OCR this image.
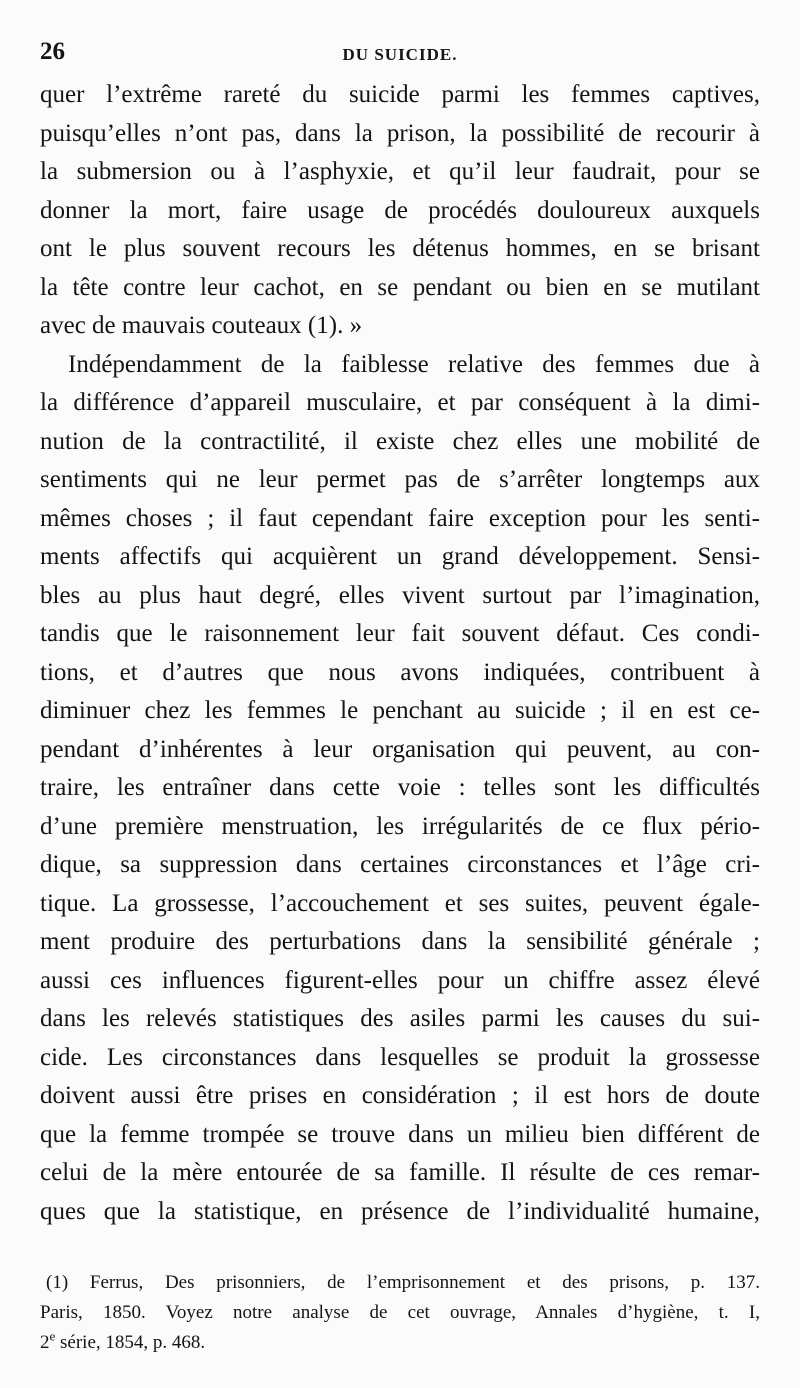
26	DU SUICIDE.
quer l’extrême rareté du suicide parmi les femmes captives,
puisqu’elles n’ont pas, dans la prison, la possibilité de recourir à
la submersion ou à l’asphyxie, et qu’il leur faudrait, pour se
donner la mort, faire usage de procédés douloureux auxquels
ont le plus souvent recours les détenus hommes, en se brisant
la tête contre leur cachot, en se pendant ou bien en se mutilant
avec de mauvais couteaux (1). »
Indépendamment de la faiblesse relative des femmes due à
la différence d’appareil musculaire, et par conséquent à la dimi-
nution de la contractilité, il existe chez elles une mobilité de
sentiments qui ne leur permet pas de s’arrêter longtemps aux
mêmes choses ; il faut cependant faire exception pour les senti-
ments affectifs qui acquièrent un grand développement. Sensi-
bles au plus haut degré, elles vivent surtout par l’imagination,
tandis que le raisonnement leur fait souvent défaut. Ces condi-
tions, et d’autres que nous avons indiquées, contribuent à
diminuer chez les femmes le penchant au suicide ; il en est ce-
pendant d’inhérentes à leur organisation qui peuvent, au con-
traire, les entraîner dans cette voie : telles sont les difficultés
d’une première menstruation, les irrégularités de ce flux pério-
dique, sa suppression dans certaines circonstances et l’âge cri-
tique. La grossesse, l’accouchement et ses suites, peuvent égale-
ment produire des perturbations dans la sensibilité générale ;
aussi ces influences figurent-elles pour un chiffre assez élevé
dans les relevés statistiques des asiles parmi les causes du sui-
cide. Les circonstances dans lesquelles se produit la grossesse
doivent aussi être prises en considération ; il est hors de doute
que la femme trompée se trouve dans un milieu bien différent de
celui de la mère entourée de sa famille. Il résulte de ces remar-
ques que la statistique, en présence de l’individualité humaine,
(1) Ferrus, Des prisonniers, de l’emprisonnement et des prisons, p. 137.
Paris, 1850. Voyez notre analyse de cet ouvrage, Annales d’hygiène, t. I,
2e série, 1854, p. 468.
